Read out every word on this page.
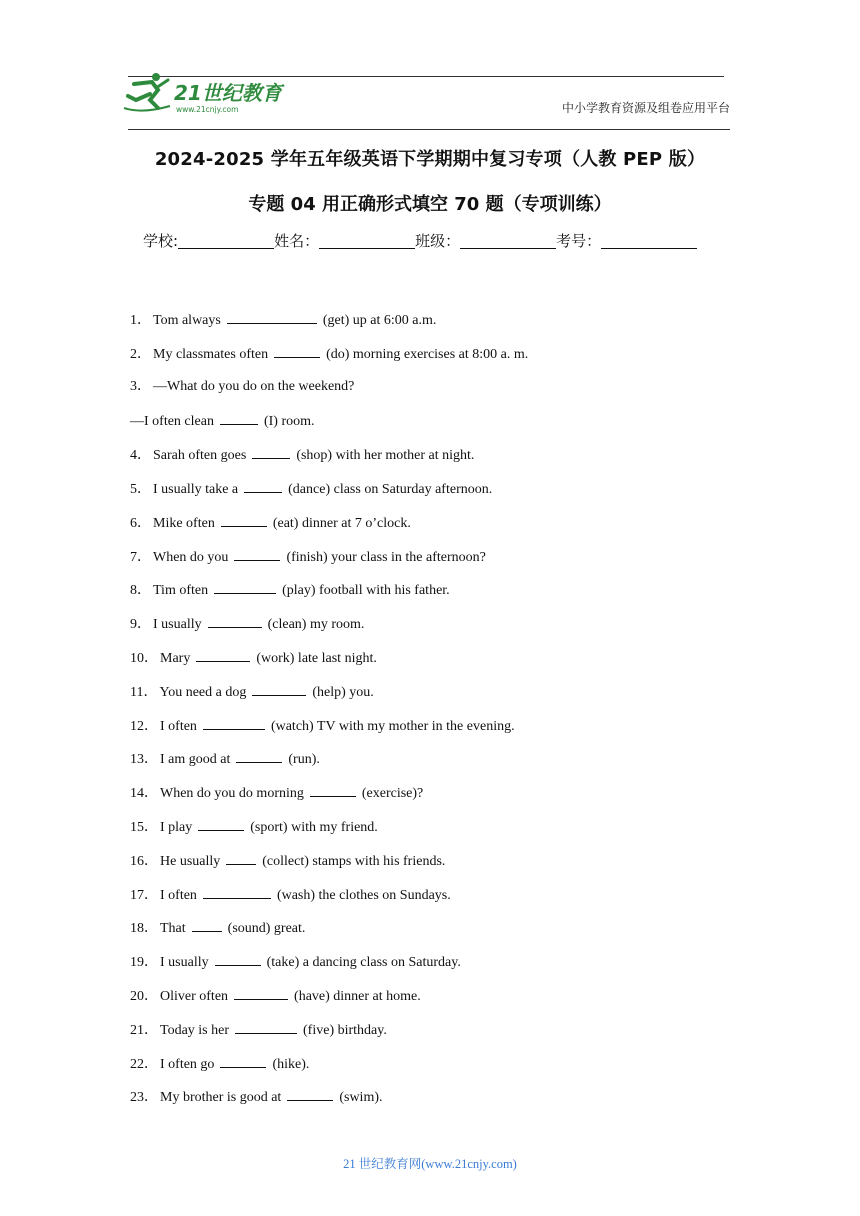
21世纪教育
www.21cnjy.com	中小学教育资源及组卷应用平台
2024-2025 学年五年级英语下学期期中复习专项（人教 PEP 版）
专题 04 用正确形式填空 70 题（专项训练）
学校:	姓名：	班级：	考号：
1． Tom always	(get) up at 6:00 a.m.
2． My classmates often	(do) morning exercises at 8:00 a. m.
3． —What do you do on the weekend?
—I often clean	(I) room.
4． Sarah often goes	(shop) with her mother at night.
5． I usually take a	(dance) class on Saturday afternoon.
6． Mike often	(eat) dinner at 7 o’clock.
7． When do you	(finish) your class in the afternoon?
8． Tim often	(play) football with his father.
9． I usually	(clean) my room.
10． Mary	(work) late last night.
11． You need a dog	(help) you.
12． I often	(watch) TV with my mother in the evening.
13． I am good at	(run).
14． When do you do morning	(exercise)?
15． I play	(sport) with my friend.
16． He usually	(collect) stamps with his friends.
17． I often	(wash) the clothes on Sundays.
18． That	(sound) great.
19． I usually	(take) a dancing class on Saturday.
20． Oliver often	(have) dinner at home.
21． Today is her	(five) birthday.
22． I often go	(hike).
23． My brother is good at	(swim).
21 世纪教育网(www.21cnjy.com)
